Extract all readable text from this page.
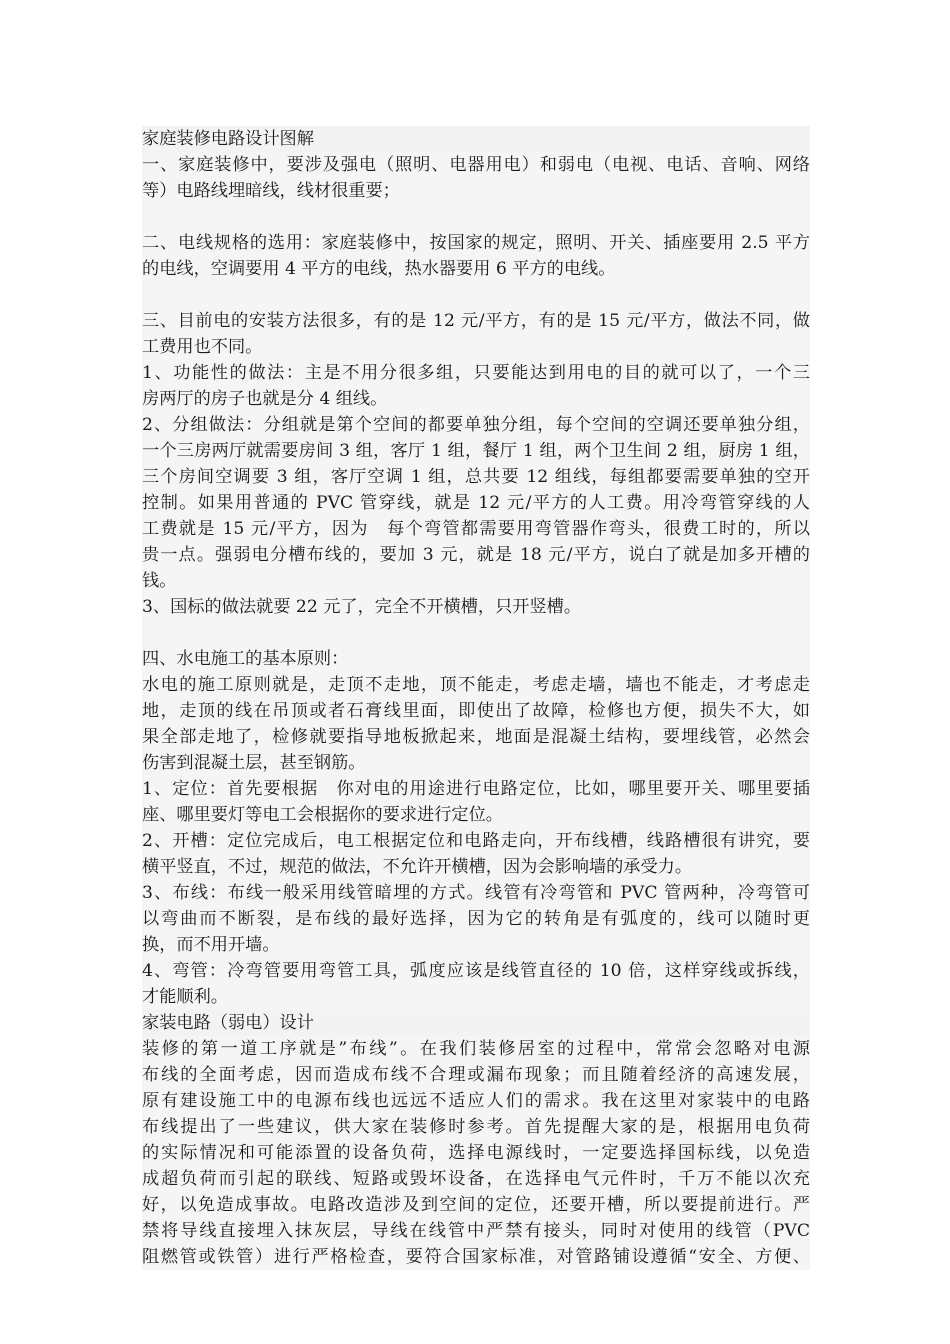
家庭装修电路设计图解
一、家庭装修中，要涉及强电（照明、电器用电）和弱电（电视、电话、音响、网络
等）电路线埋暗线，线材很重要；
二、电线规格的选用：家庭装修中，按国家的规定，照明、开关、插座要用 2.5 平方
的电线，空调要用 4 平方的电线，热水器要用 6 平方的电线。
三、目前电的安装方法很多，有的是 12 元/平方，有的是 15 元/平方，做法不同，做
工费用也不同。
1、功能性的做法：主是不用分很多组，只要能达到用电的目的就可以了，一个三
房两厅的房子也就是分 4 组线。
2、分组做法：分组就是第个空间的都要单独分组，每个空间的空调还要单独分组，
一个三房两厅就需要房间 3 组，客厅 1 组，餐厅 1 组，两个卫生间 2 组，厨房 1 组，
三个房间空调要 3 组，客厅空调 1 组，总共要 12 组线，每组都要需要单独的空开
控制。如果用普通的 PVC 管穿线，就是 12 元/平方的人工费。用冷弯管穿线的人
工费就是 15 元/平方，因为　每个弯管都需要用弯管器作弯头，很费工时的，所以
贵一点。强弱电分槽布线的，要加 3 元，就是 18 元/平方，说白了就是加多开槽的
钱。
3、国标的做法就要 22 元了，完全不开横槽，只开竖槽。
四、水电施工的基本原则：
水电的施工原则就是，走顶不走地，顶不能走，考虑走墙，墙也不能走，才考虑走
地，走顶的线在吊顶或者石膏线里面，即使出了故障，检修也方便，损失不大，如
果全部走地了，检修就要指导地板掀起来，地面是混凝土结构，要埋线管，必然会
伤害到混凝土层，甚至钢筋。
1、定位：首先要根据　你对电的用途进行电路定位，比如，哪里要开关、哪里要插
座、哪里要灯等电工会根据你的要求进行定位。
2、开槽：定位完成后，电工根据定位和电路走向，开布线槽，线路槽很有讲究，要
横平竖直，不过，规范的做法，不允许开横槽，因为会影响墙的承受力。
3、布线：布线一般采用线管暗埋的方式。线管有冷弯管和 PVC 管两种，冷弯管可
以弯曲而不断裂，是布线的最好选择，因为它的转角是有弧度的，线可以随时更
换，而不用开墙。
4、弯管：冷弯管要用弯管工具，弧度应该是线管直径的 10 倍，这样穿线或拆线，
才能顺利。
家装电路（弱电）设计
装修的第一道工序就是”布线”。在我们装修居室的过程中，常常会忽略对电源
布线的全面考虑，因而造成布线不合理或漏布现象；而且随着经济的高速发展，
原有建设施工中的电源布线也远远不适应人们的需求。我在这里对家装中的电路
布线提出了一些建议，供大家在装修时参考。首先提醒大家的是，根据用电负荷
的实际情况和可能添置的设备负荷，选择电源线时，一定要选择国标线，以免造
成超负荷而引起的联线、短路或毁坏设备，在选择电气元件时，千万不能以次充
好，以免造成事故。电路改造涉及到空间的定位，还要开槽，所以要提前进行。严
禁将导线直接埋入抹灰层，导线在线管中严禁有接头，同时对使用的线管（PVC
阻燃管或铁管）进行严格检查，要符合国家标准，对管路铺设遵循“安全、方便、
